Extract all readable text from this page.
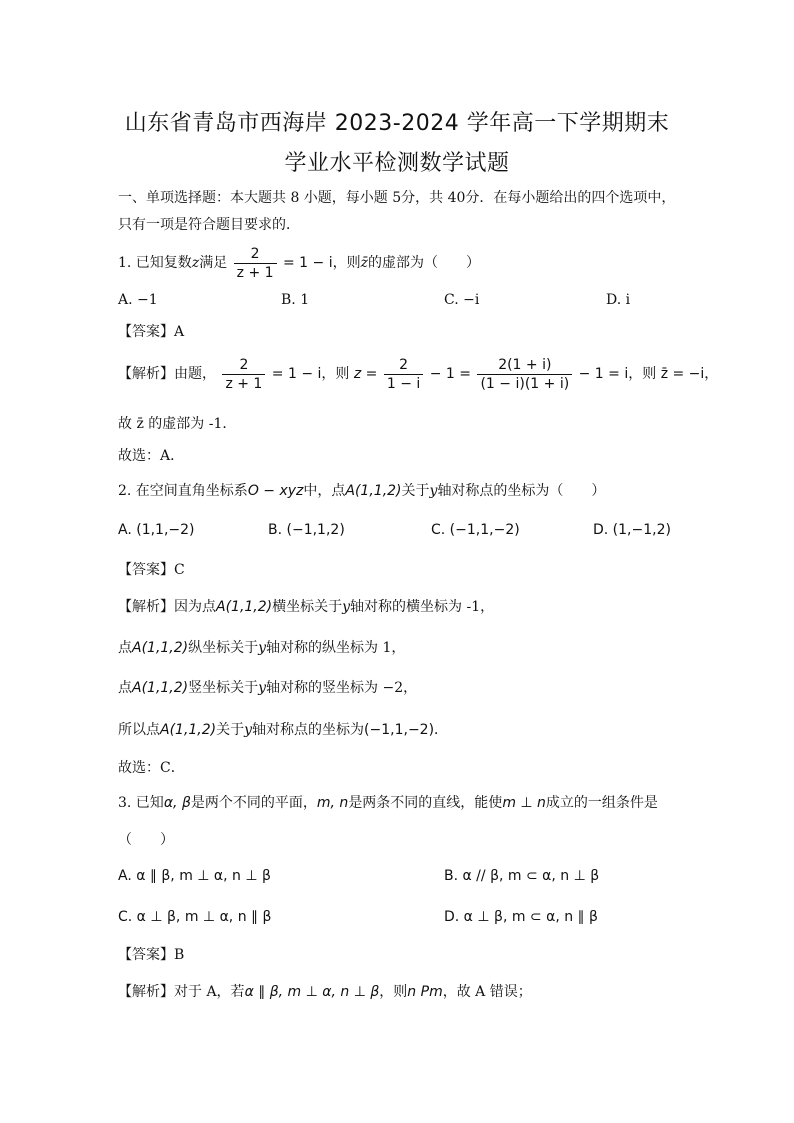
山东省青岛市西海岸 2023-2024 学年高一下学期期末
学业水平检测数学试题
一、单项选择题：本大题共 8 小题，每小题 5分，共 40分．在每小题给出的四个选项中，
只有一项是符合题目要求的．
1. 已知复数z满足 $\frac{2}{z + 1} = 1 - i$，则z̄的虚部为（　　）
A. −1	B. 1	C. −i	D. i
【答案】A
【解析】由题， $\frac{2}{z + 1} = 1 - i$，则 $z = \frac{2}{1 - i} - 1 = \frac{2(1 + i)}{(1 - i)(1 + i)} - 1 = i$，则 z̄ = −i，
故 z̄ 的虚部为 -1．
故选：A．
2. 在空间直角坐标系O − xyz中，点A(1,1,2)关于y轴对称点的坐标为（　　）
A. (1,1,−2)	B. (−1,1,2)	C. (−1,1,−2)	D. (1,−1,2)
【答案】C
【解析】因为点A(1,1,2)横坐标关于y轴对称的横坐标为 -1，
点A(1,1,2)纵坐标关于y轴对称的纵坐标为 1，
点A(1,1,2)竖坐标关于y轴对称的竖坐标为 −2，
所以点A(1,1,2)关于y轴对称点的坐标为(−1,1,−2)．
故选：C．
3. 已知α, β是两个不同的平面，m, n是两条不同的直线，能使m ⊥ n成立的一组条件是
（　　）
A. α ∥ β, m ⊥ α, n ⊥ β	B. α // β, m ⊂ α, n ⊥ β
C. α ⊥ β, m ⊥ α, n ∥ β	D. α ⊥ β, m ⊂ α, n ∥ β
【答案】B
【解析】对于 A，若α ∥ β, m ⊥ α, n ⊥ β，则n Pm，故 A 错误；
